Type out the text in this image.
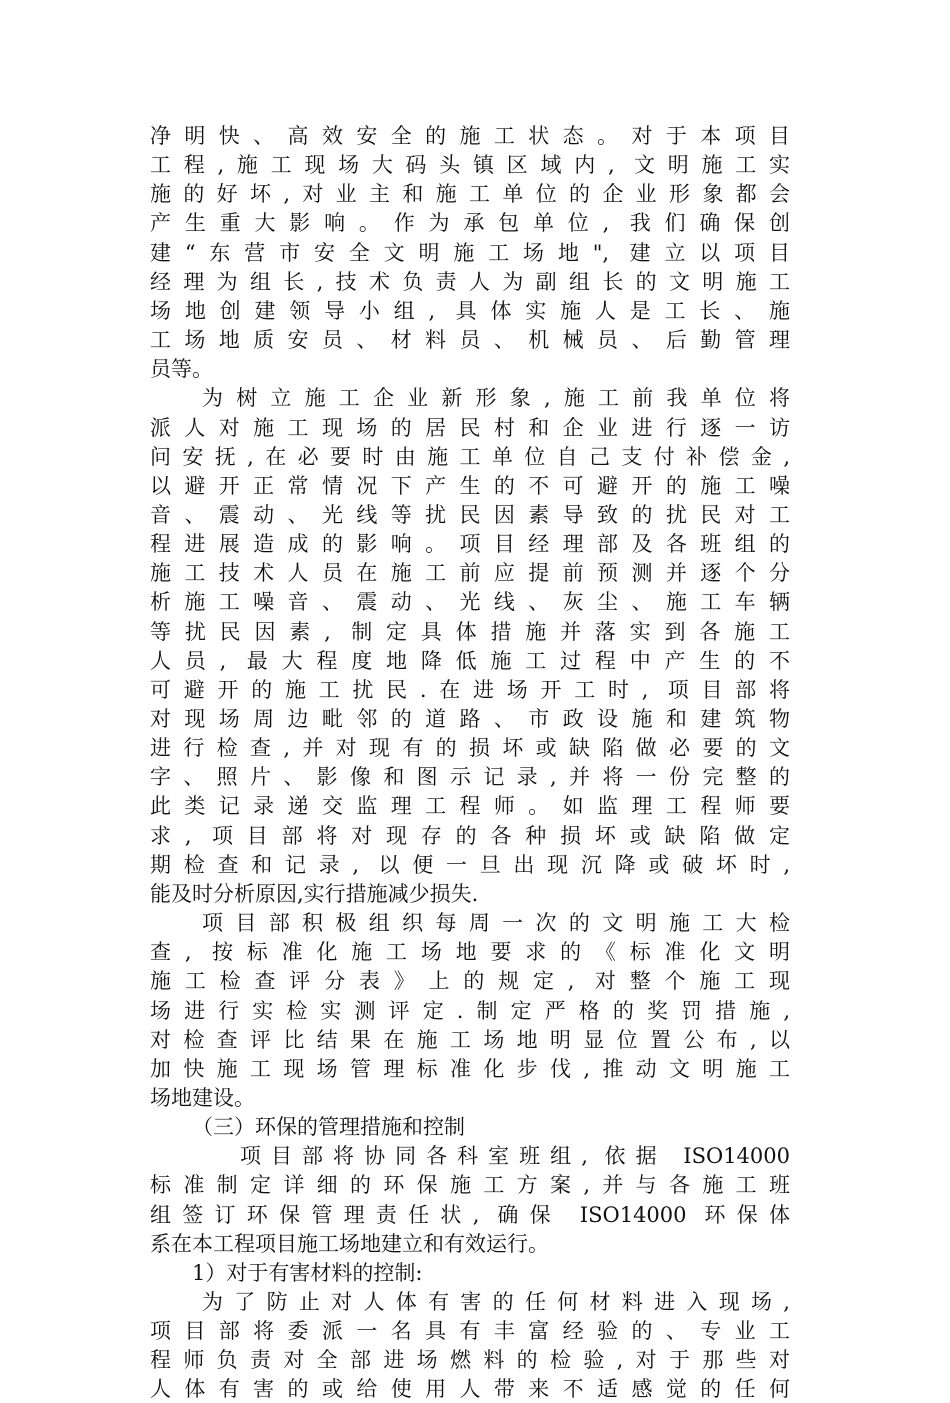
净明快、高效安全的施工状态。对于本项目
工程,施工现场大码头镇区域内, 文明施工实
施的好坏,对业主和施工单位的企业形象都会
产生重大影响。作为承包单位, 我们确保创
建“东营市安全文明施工场地", 建立以项目
经理为组长,技术负责人为副组长的文明施工
场地创建领导小组, 具体实施人是工长、施
工场地质安员、材料员、机械员、后勤管理
员等。
为树立施工企业新形象,施工前我单位将
派人对施工现场的居民村和企业进行逐一访
问安抚,在必要时由施工单位自己支付补偿金,
以避开正常情况下产生的不可避开的施工噪
音、震动、光线等扰民因素导致的扰民对工
程进展造成的影响。项目经理部及各班组的
施工技术人员在施工前应提前预测并逐个分
析施工噪音、震动、光线、灰尘、施工车辆
等扰民因素, 制定具体措施并落实到各施工
人员, 最大程度地降低施工过程中产生的不
可避开的施工扰民.在进场开工时, 项目部将
对现场周边毗邻的道路、市政设施和建筑物
进行检查,并对现有的损坏或缺陷做必要的文
字、照片、影像和图示记录,并将一份完整的
此类记录递交监理工程师。如监理工程师要
求, 项目部将对现存的各种损坏或缺陷做定
期检查和记录, 以便一旦出现沉降或破坏时,
能及时分析原因,实行措施减少损失.
项目部积极组织每周一次的文明施工大检
查, 按标准化施工场地要求的《标准化文明
施工检查评分表》上的规定, 对整个施工现
场进行实检实测评定.制定严格的奖罚措施,
对检查评比结果在施工场地明显位置公布,以
加快施工现场管理标准化步伐,推动文明施工
场地建设。
（三）环保的管理措施和控制
项目部将协同各科室班组, 依据 ISO14000
标准制定详细的环保施工方案,并与各施工班
组签订环保管理责任状, 确保 ISO14000 环保体
系在本工程项目施工场地建立和有效运行。
1）对于有害材料的控制:
为了防止对人体有害的任何材料进入现场,
项目部将委派一名具有丰富经验的、专业工
程师负责对全部进场燃料的检验,对于那些对
人体有害的或给使用人带来不适感觉的任何
